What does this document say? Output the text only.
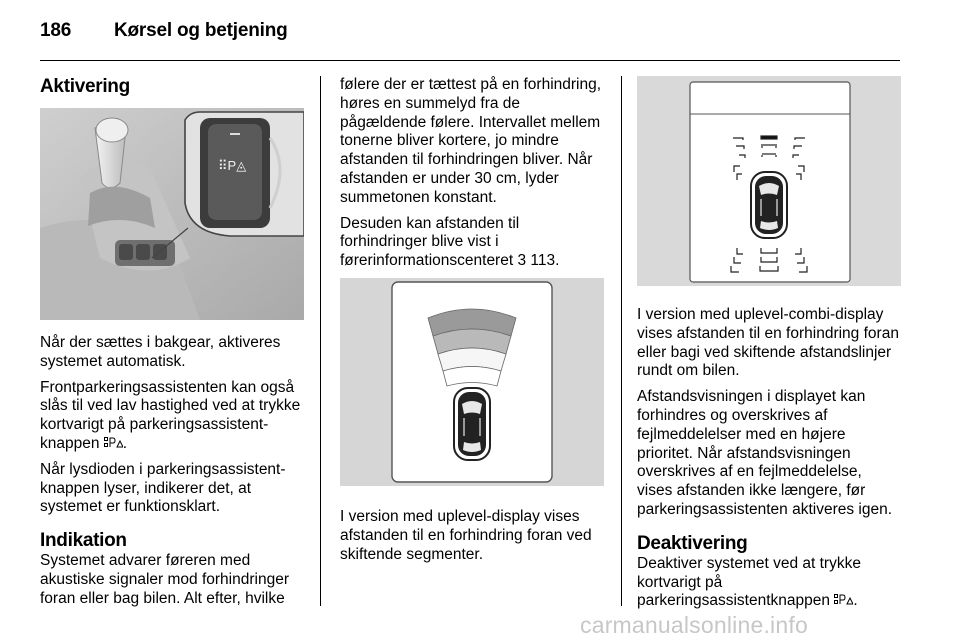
186 Kørsel og betjening
Aktivering
⠿P◬

Når der sættes i bakgear, aktiveres systemet automatisk.

Frontparkeringsassistenten kan også slås til ved lav hastighed ved at trykke kortvarigt på parkeringsassistent-knappen .

Når lysdioden i parkeringsassistent-knappen lyser, indikerer det, at systemet er funktionsklart.

Indikation

Systemet advarer føreren med akustiske signaler mod forhindringer foran eller bag bilen. Alt efter, hvilke

følere der er tættest på en forhindring, høres en summelyd fra de pågældende følere. Intervallet mellem tonerne bliver kortere, jo mindre afstanden til forhindringen bliver. Når afstanden er under 30 cm, lyder summetonen konstant.

Desuden kan afstanden til forhindringer blive vist i førerinformationscenteret 3 113.

I version med uplevel-display vises afstanden til en forhindring foran ved skiftende segmenter.

I version med uplevel-combi-display vises afstanden til en forhindring foran eller bagi ved skiftende afstandslinjer rundt om bilen.

Afstandsvisningen i displayet kan forhindres og overskrives af fejlmeddelelser med en højere prioritet. Når afstandsvisningen overskrives af en fejlmeddelelse, vises afstanden ikke længere, før parkeringsassistenten aktiveres igen.

Deaktivering

Deaktiver systemet ved at trykke kortvarigt på parkeringsassistentknappen .

carmanualsonline.info
